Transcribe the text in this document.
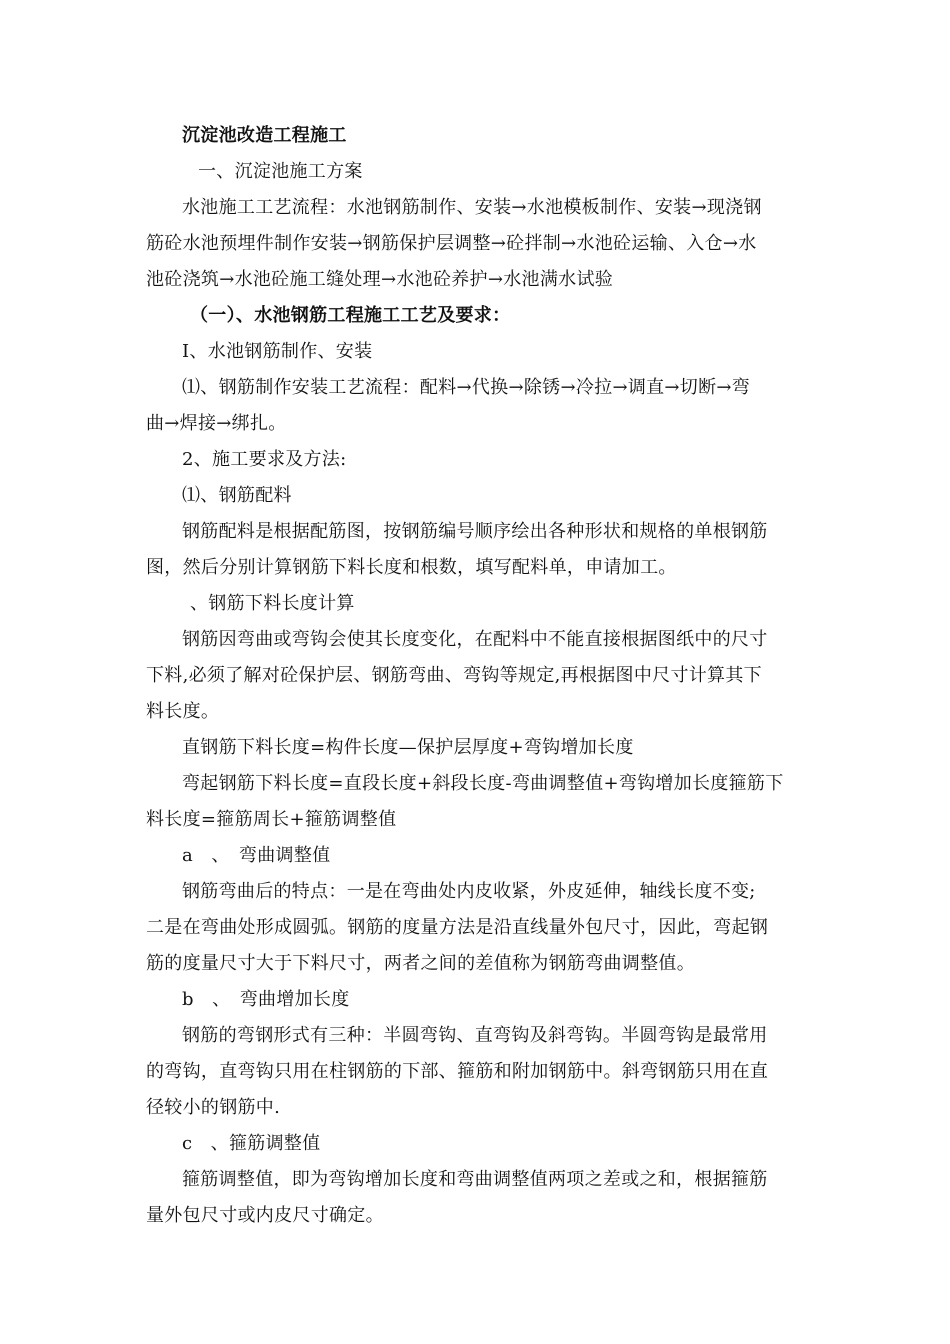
沉淀池改造工程施工
一、沉淀池施工方案
水池施工工艺流程：水池钢筋制作、安装→水池模板制作、安装→现浇钢
筋砼水池预埋件制作安装→钢筋保护层调整→砼拌制→水池砼运输、入仓→水
池砼浇筑→水池砼施工缝处理→水池砼养护→水池满水试验
（一）、水池钢筋工程施工工艺及要求：
I、水池钢筋制作、安装
⑴、钢筋制作安装工艺流程：配料→代换→除锈→冷拉→调直→切断→弯
曲→焊接→绑扎。
2、施工要求及方法:
⑴、钢筋配料
钢筋配料是根据配筋图，按钢筋编号顺序绘出各种形状和规格的单根钢筋
图，然后分别计算钢筋下料长度和根数，填写配料单，申请加工。
、钢筋下料长度计算
钢筋因弯曲或弯钩会使其长度变化，在配料中不能直接根据图纸中的尺寸
下料,必须了解对砼保护层、钢筋弯曲、弯钩等规定,再根据图中尺寸计算其下
料长度。
直钢筋下料长度=构件长度—保护层厚度+弯钩增加长度
弯起钢筋下料长度=直段长度+斜段长度-弯曲调整值+弯钩增加长度箍筋下
料长度=箍筋周长+箍筋调整值
a　、　弯曲调整值
钢筋弯曲后的特点：一是在弯曲处内皮收紧，外皮延伸，轴线长度不变;
二是在弯曲处形成圆弧。钢筋的度量方法是沿直线量外包尺寸，因此，弯起钢
筋的度量尺寸大于下料尺寸，两者之间的差值称为钢筋弯曲调整值。
b　、　弯曲增加长度
钢筋的弯钢形式有三种：半圆弯钩、直弯钩及斜弯钩。半圆弯钩是最常用
的弯钩，直弯钩只用在柱钢筋的下部、箍筋和附加钢筋中。斜弯钢筋只用在直
径较小的钢筋中.
c　、箍筋调整值
箍筋调整值，即为弯钩增加长度和弯曲调整值两项之差或之和，根据箍筋
量外包尺寸或内皮尺寸确定。
